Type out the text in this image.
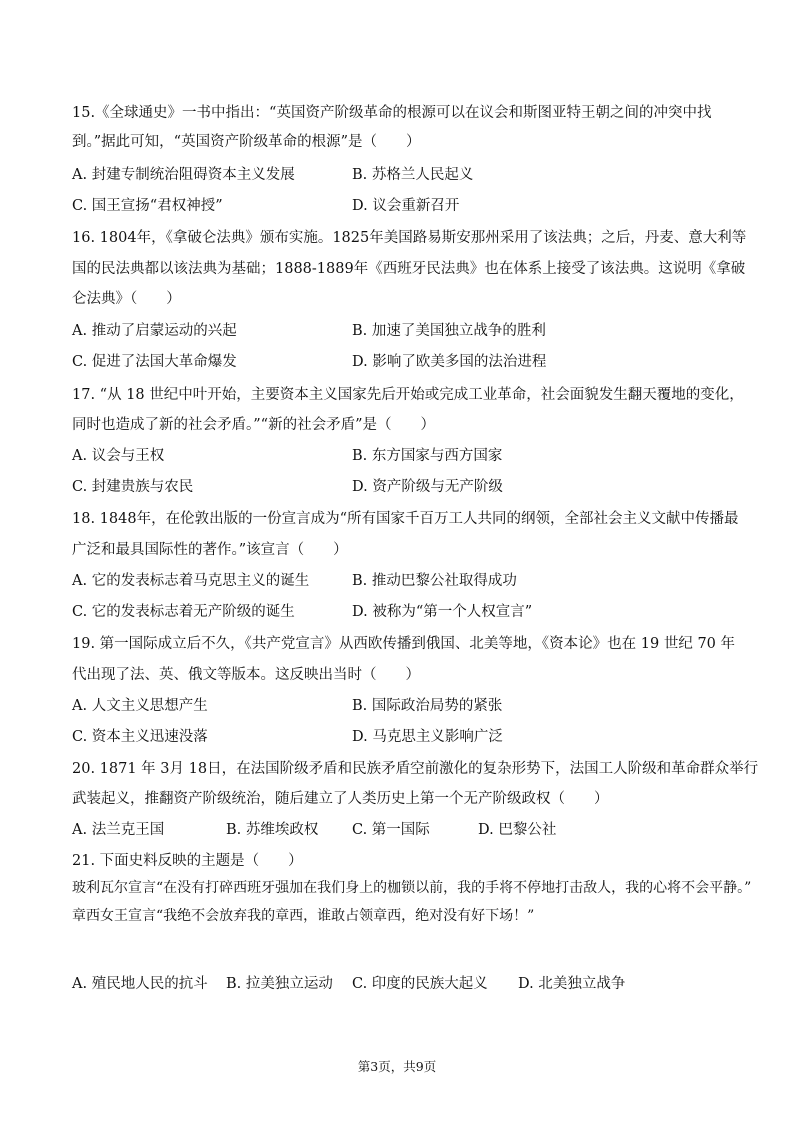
15.《全球通史》一书中指出：“英国资产阶级革命的根源可以在议会和斯图亚特王朝之间的冲突中找
到。”据此可知，“英国资产阶级革命的根源”是（　　）
A. 封建专制统治阻碍资本主义发展	B. 苏格兰人民起义
C. 国王宣扬“君权神授”	D. 议会重新召开
16. 1804年，《拿破仑法典》颁布实施。1825年美国路易斯安那州采用了该法典；之后，丹麦、意大利等
国的民法典都以该法典为基础；1888-1889年《西班牙民法典》也在体系上接受了该法典。这说明《拿破
仑法典》（　　）
A. 推动了启蒙运动的兴起	B. 加速了美国独立战争的胜利
C. 促进了法国大革命爆发	D. 影响了欧美多国的法治进程
17. “从 18 世纪中叶开始，主要资本主义国家先后开始或完成工业革命，社会面貌发生翻天覆地的变化，
同时也造成了新的社会矛盾。”“新的社会矛盾”是（　　）
A. 议会与王权	B. 东方国家与西方国家
C. 封建贵族与农民	D. 资产阶级与无产阶级
18. 1848年，在伦敦出版的一份宣言成为“所有国家千百万工人共同的纲领，全部社会主义文献中传播最
广泛和最具国际性的著作。”该宣言（　　）
A. 它的发表标志着马克思主义的诞生	B. 推动巴黎公社取得成功
C. 它的发表标志着无产阶级的诞生	D. 被称为“第一个人权宣言”
19. 第一国际成立后不久，《共产党宣言》从西欧传播到俄国、北美等地，《资本论》也在 19 世纪 70 年
代出现了法、英、俄文等版本。这反映出当时（　　）
A. 人文主义思想产生	B. 国际政治局势的紧张
C. 资本主义迅速没落	D. 马克思主义影响广泛
20. 1871 年 3月 18日，在法国阶级矛盾和民族矛盾空前激化的复杂形势下，法国工人阶级和革命群众举行
武装起义，推翻资产阶级统治，随后建立了人类历史上第一个无产阶级政权（　　）
A. 法兰克王国	B. 苏维埃政权 C. 第一国际	D. 巴黎公社
21. 下面史料反映的主题是（　　）
玻利瓦尔宣言“在没有打碎西班牙强加在我们身上的枷锁以前，我的手将不停地打击敌人，我的心将不会平静。”
章西女王宣言“我绝不会放弃我的章西，谁敢占领章西，绝对没有好下场！”
A. 殖民地人民的抗斗 B. 拉美独立运动 C. 印度的民族大起义 D. 北美独立战争
第3页，共9页
